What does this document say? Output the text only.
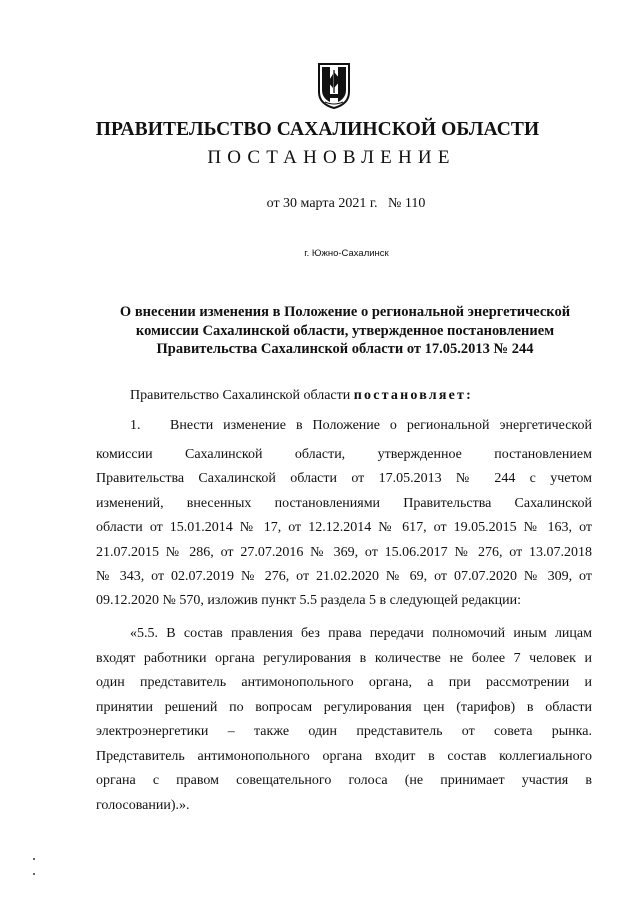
ПРАВИТЕЛЬСТВО САХАЛИНСКОЙ ОБЛАСТИ
ПОСТАНОВЛЕНИЕ
от 30 марта 2021 г.   № 110
г. Южно-Сахалинск
О внесении изменения в Положение о региональной энергетической
комиссии Сахалинской области, утвержденное постановлением
Правительства Сахалинской области от 17.05.2013 № 244
Правительство Сахалинской области постановляет:
1. Внести изменение в Положение о региональной энергетической
комиссии Сахалинской области, утвержденное постановлением
Правительства Сахалинской области от 17.05.2013 № 244 с учетом
изменений, внесенных постановлениями Правительства Сахалинской
области от 15.01.2014 № 17, от 12.12.2014 № 617, от 19.05.2015 № 163, от
21.07.2015 № 286, от 27.07.2016 № 369, от 15.06.2017 № 276, от 13.07.2018
№ 343, от 02.07.2019 № 276, от 21.02.2020 № 69, от 07.07.2020 № 309, от
09.12.2020 № 570, изложив пункт 5.5 раздела 5 в следующей редакции:
«5.5. В состав правления без права передачи полномочий иным лицам
входят работники органа регулирования в количестве не более 7 человек и
один представитель антимонопольного органа, а при рассмотрении и
принятии решений по вопросам регулирования цен (тарифов) в области
электроэнергетики – также один представитель от совета рынка.
Представитель антимонопольного органа входит в состав коллегиального
органа с правом совещательного голоса (не принимает участия в
голосовании).».
